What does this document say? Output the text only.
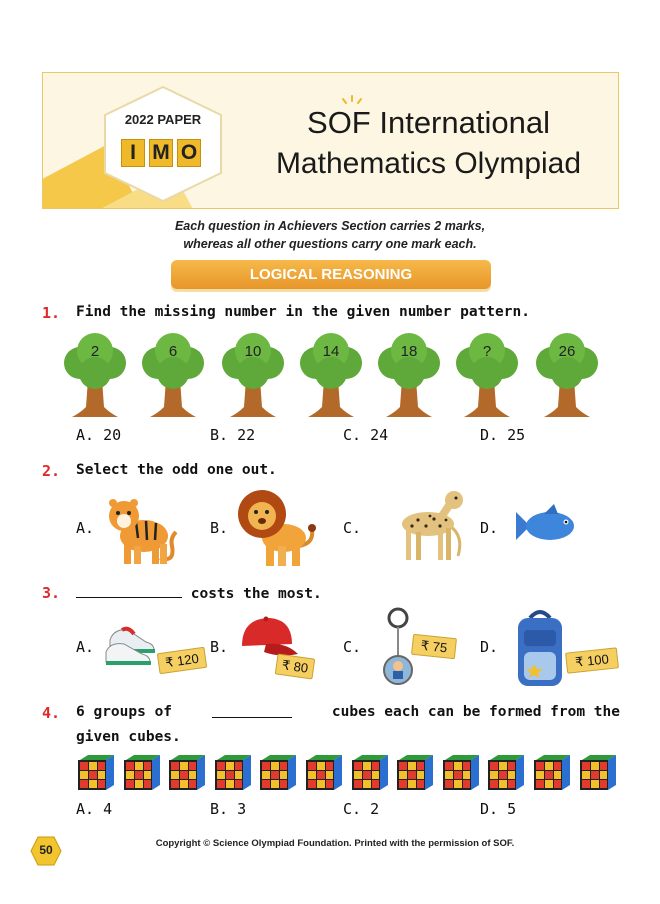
2022 PAPER
I M O
SOF International
Mathematics Olympiad
Each question in Achievers Section carries 2 marks,
whereas all other questions carry one mark each.
LOGICAL REASONING
1. Find the missing number in the given number pattern.
2	6	10	14	18	?	26
A. 20	B. 22	C. 24	D. 25
2. Select the odd one out.
A.	B.	C.	D.
3.	costs the most.
A.	B.	C.	D.
₹ 120	₹ 80
₹ 75
₹ 100
4. 6 groups of	cubes each can be formed from the
given cubes.
A. 4	B. 3	C. 2	D. 5
50	Copyright © Science Olympiad Foundation. Printed with the permission of SOF.
